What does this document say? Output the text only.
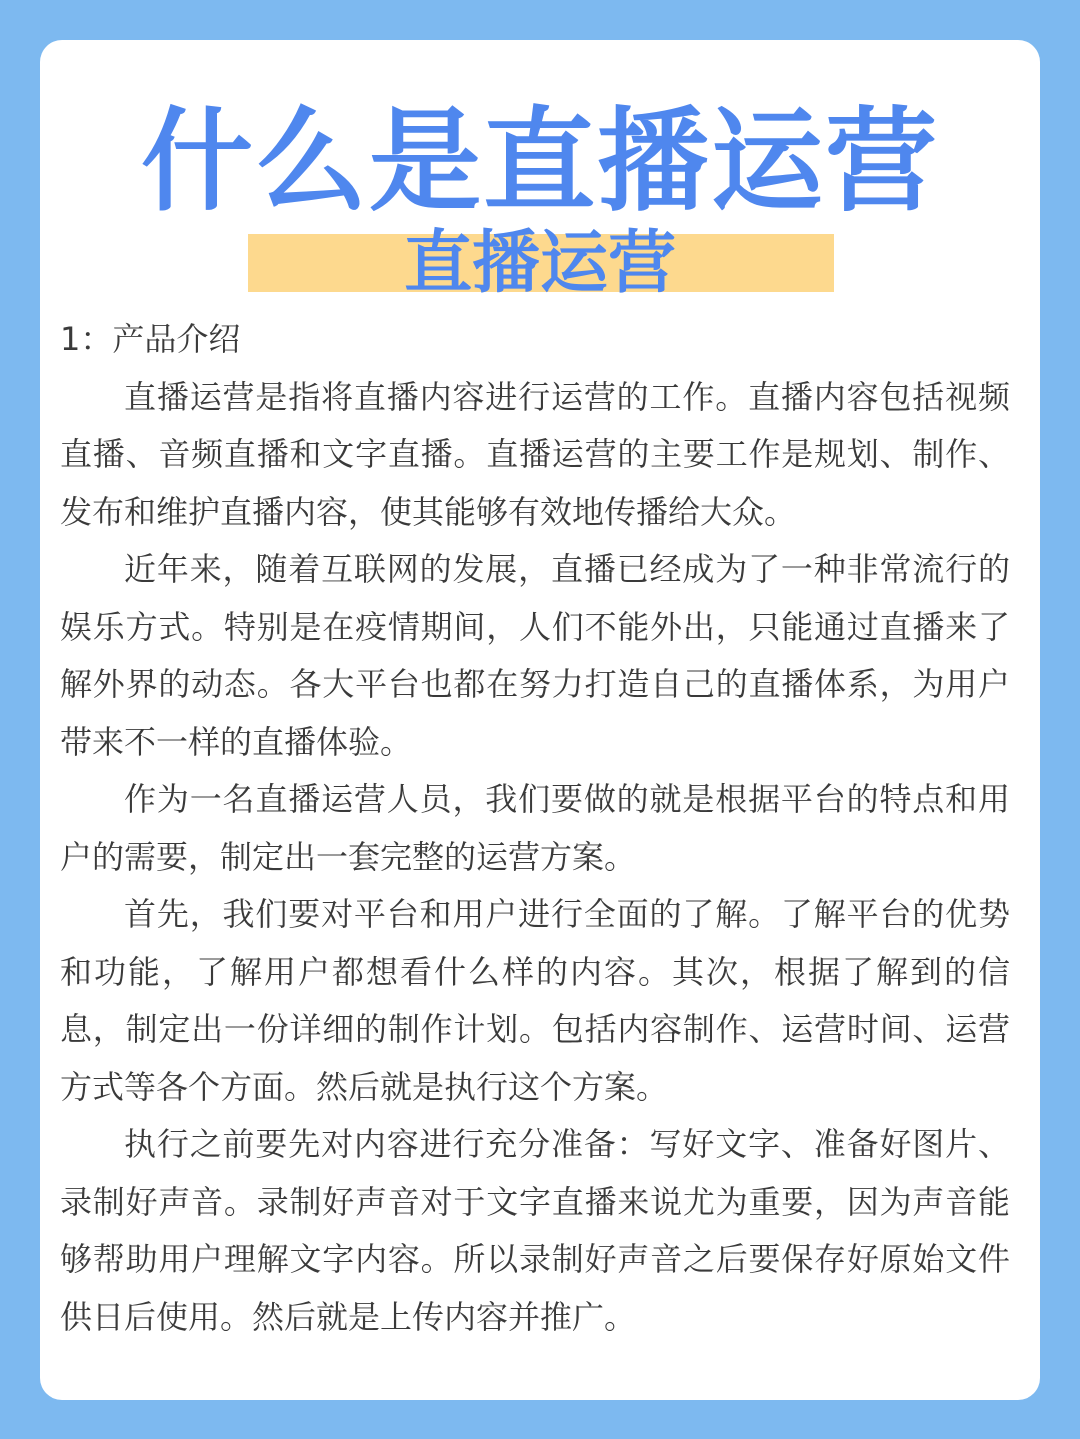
什么是直播运营
直播运营

1：产品介绍

直播运营是指将直播内容进行运营的工作。直播内容包括视频直播、音频直播和文字直播。直播运营的主要工作是规划、制作、发布和维护直播内容，使其能够有效地传播给大众。

近年来，随着互联网的发展，直播已经成为了一种非常流行的娱乐方式。特别是在疫情期间，人们不能外出，只能通过直播来了解外界的动态。各大平台也都在努力打造自己的直播体系，为用户带来不一样的直播体验。

作为一名直播运营人员，我们要做的就是根据平台的特点和用户的需要，制定出一套完整的运营方案。

首先，我们要对平台和用户进行全面的了解。了解平台的优势和功能，了解用户都想看什么样的内容。其次，根据了解到的信息，制定出一份详细的制作计划。包括内容制作、运营时间、运营方式等各个方面。然后就是执行这个方案。

执行之前要先对内容进行充分准备：写好文字、准备好图片、录制好声音。录制好声音对于文字直播来说尤为重要，因为声音能够帮助用户理解文字内容。所以录制好声音之后要保存好原始文件供日后使用。然后就是上传内容并推广。
